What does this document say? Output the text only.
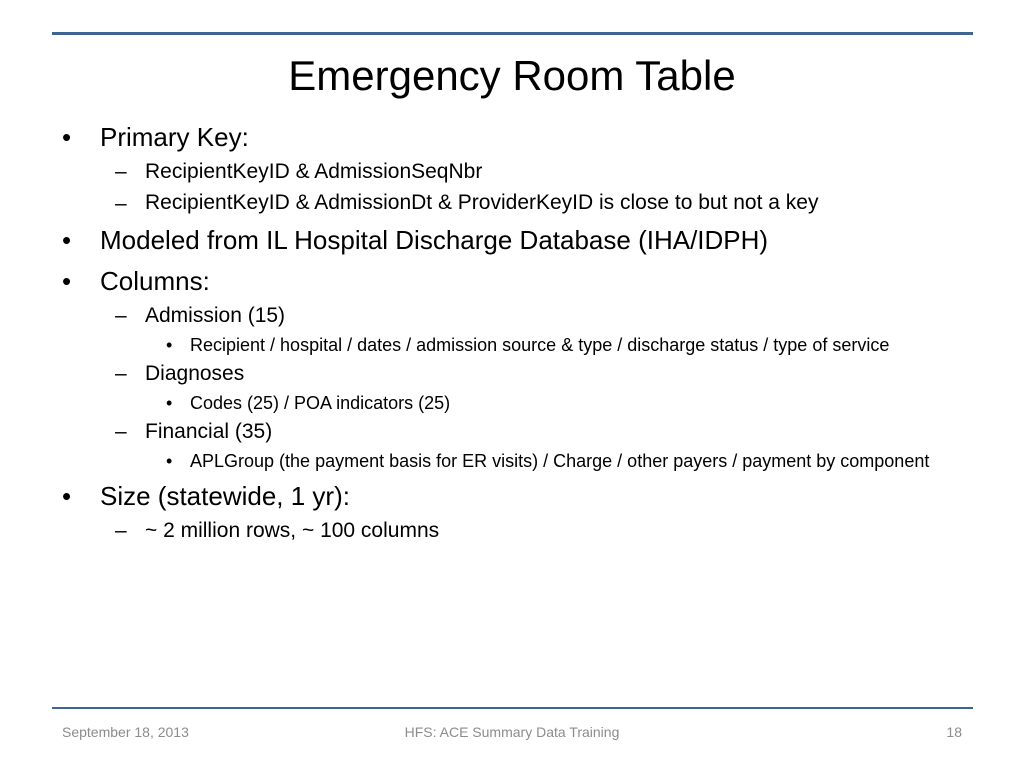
Emergency Room Table
•	Primary Key:
– RecipientKeyID & AdmissionSeqNbr
– RecipientKeyID & AdmissionDt & ProviderKeyID is close to but not a key
•	Modeled from IL Hospital Discharge Database (IHA/IDPH)
•	Columns:
– Admission (15)
• Recipient / hospital / dates / admission source & type / discharge status / type of service
– Diagnoses
• Codes (25) / POA indicators (25)
– Financial (35)
• APLGroup (the payment basis for ER visits) / Charge / other payers / payment by component
•	Size (statewide, 1 yr):
– ~ 2 million rows, ~ 100 columns
September 18, 2013	HFS: ACE Summary Data Training	18
